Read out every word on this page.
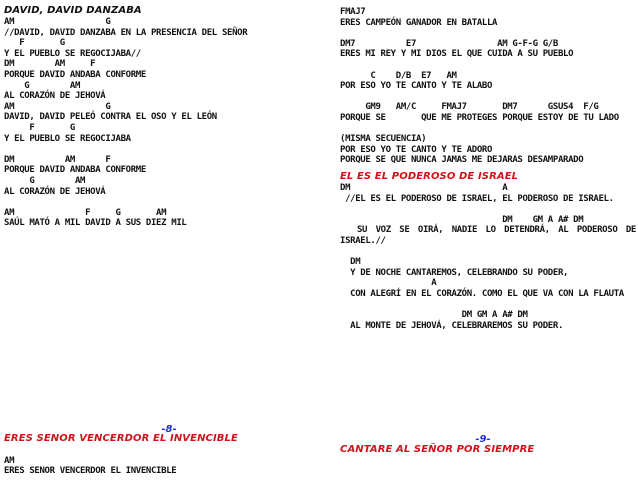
DAVID, DAVID DANZABA
AM                  G
//DAVID, DAVID DANZABA EN LA PRESENCIA DEL SEÑOR
F       G
Y EL PUEBLO SE REGOCIJABA//
DM        AM     F
PORQUE DAVID ANDABA CONFORME
G        AM
AL CORAZÓN DE JEHOVÁ
AM                  G
DAVID, DAVID PELEÓ CONTRA EL OSO Y EL LEÓN
F       G
Y EL PUEBLO SE REGOCIJABA
DM          AM      F
PORQUE DAVID ANDABA CONFORME
G        AM
AL CORAZÓN DE JEHOVÁ
AM              F     G       AM
SAÚL MATÓ A MIL DAVID A SUS DIEZ MIL
-8-
ERES SENOR VENCERDOR EL INVENCIBLE
AM
ERES SENOR VENCERDOR EL INVENCIBLE
FMAJ7
ERES CAMPEÓN GANADOR EN BATALLA
DM7          E7                AM G-F-G G/B
ERES MI REY Y MI DIOS EL QUE CUIDA A SU PUEBLO
C    D/B  E7   AM
POR ESO YO TE CANTO Y TE ALABO
GM9   AM/C     FMAJ7       DM7      GSUS4  F/G
PORQUE SE       QUE ME PROTEGES PORQUE ESTOY DE TU LADO
(MISMA SECUENCIA)
POR ESO YO TE CANTO Y TE ADORO
PORQUE SE QUE NUNCA JAMAS ME DEJARAS DESAMPARADO
EL ES EL PODEROSO DE ISRAEL
DM                              A
//EL ES EL PODEROSO DE ISRAEL, EL PODEROSO DE ISRAEL.
DM    GM A A# DM
SU VOZ SE OIRÁ, NADIE LO DETENDRÁ, AL PODEROSO DE ISRAEL.//
DM
Y DE NOCHE CANTAREMOS, CELEBRANDO SU PODER,
A
CON ALEGRÍ EN EL CORAZÓN. COMO EL QUE VA CON LA FLAUTA
DM GM A A# DM
AL MONTE DE JEHOVÁ, CELEBRAREMOS SU PODER.
-9-
CANTARE AL SEÑOR POR SIEMPRE
